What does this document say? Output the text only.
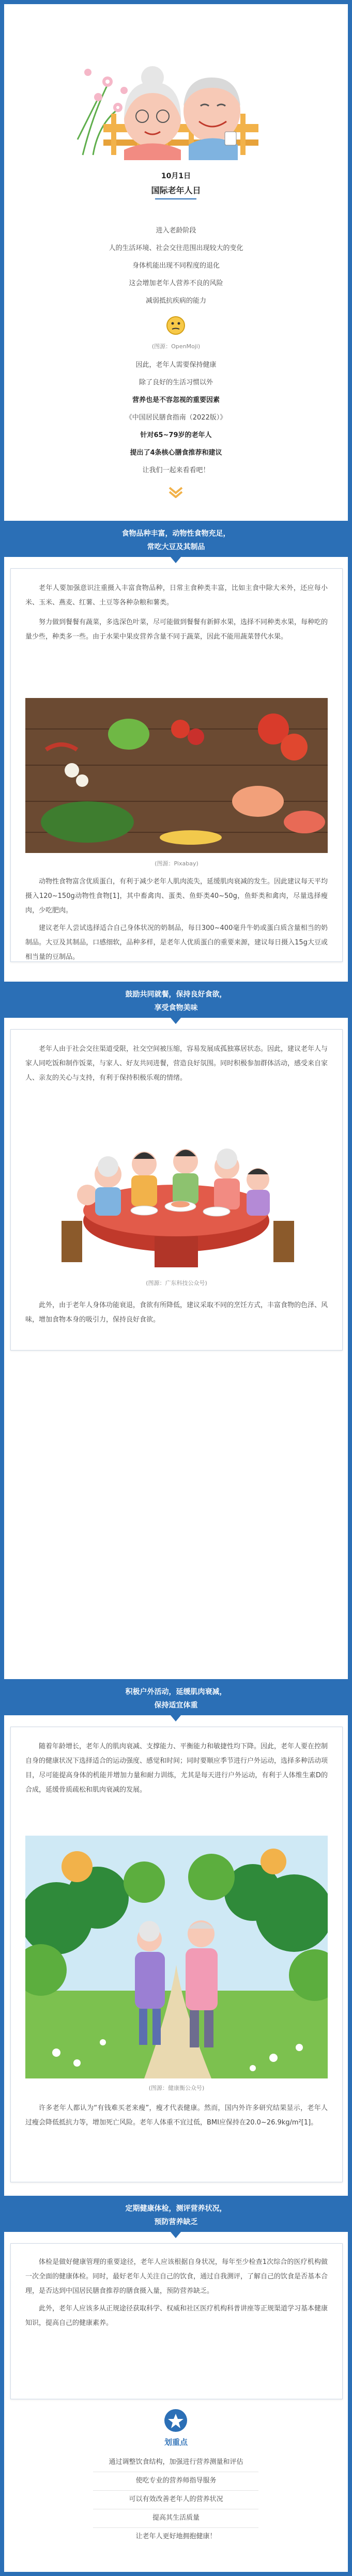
10月1日
国际老年人日

进入老龄阶段

人的生活环境、社会交往范围出现较大的变化

身体机能出现不同程度的退化

这会增加老年人营养不良的风险

减弱抵抗疾病的能力

(图源：OpenMoji)

因此，老年人需要保持健康

除了良好的生活习惯以外

营养也是不容忽视的重要因素

《中国居民膳食指南（2022版）》

针对65~79岁的老年人

提出了4条核心膳食推荐和建议

让我们一起来看看吧！

食物品种丰富，动物性食物充足，
常吃大豆及其制品

老年人要加强意识注重摄入丰富食物品种，日常主食种类丰富，比如主食中除大米外，还应每小米、玉米、燕麦、红薯、土豆等各种杂粮和薯类。

努力做到餐餐有蔬菜，多选深色叶菜，尽可能做到餐餐有新鲜水果，选择不同种类水果，每种吃的量少些，种类多一些。由于水果中果皮营养含量不同于蔬菜，因此不能用蔬菜替代水果。

(图源：Pixabay)

动物性食物富含优质蛋白，有利于减少老年人肌肉流失，延缓肌肉衰减的发生。因此建议每天平均摄入120~150g动物性食物[1]，其中畜禽肉、蛋类、鱼虾类40~50g，鱼虾类和禽肉，尽量选择瘦肉，少吃肥肉。

建议老年人尝试选择适合自己身体状况的奶制品，每日300~400毫升牛奶或蛋白质含量相当的奶制品。大豆及其制品，口感细软，品种多样，是老年人优质蛋白的重要来源，建议每日摄入15g大豆或相当量的豆制品。

鼓励共同就餐，保持良好食欲，
享受食物美味

老年人由于社会交往渠道受限，社交空间被压缩，容易发展成孤独寡居状态。因此，建议老年人与家人同吃饭和制作饭菜，与家人、好友共同进餐，营造良好氛围。同时积极参加群体活动，感受来自家人、亲友的关心与支持，有利于保持积极乐观的情绪。

(图源：广东科技公众号)

此外，由于老年人身体功能衰退，食欲有所降低，建议采取不同的烹饪方式，丰富食物的色泽、风味，增加食物本身的吸引力，保持良好食欲。

积极户外活动，延缓肌肉衰减，
保持适宜体重

随着年龄增长，老年人的肌肉衰减、支撑能力、平衡能力和敏捷性均下降。因此，老年人要在控制自身的健康状况下选择适合的运动强度、感觉和时间；同时要顺应季节进行户外运动，选择多种活动项目，尽可能提高身体的机能并增加力量和耐力训练，尤其是每天进行户外运动，有利于人体维生素D的合成，延缓骨质疏松和肌肉衰减的发展。

(图源：健康衡公众号)

许多老年人都认为“有钱难买老来瘦”，瘦才代表健康。然而，国内外许多研究结果显示，老年人过瘦会降低抵抗力等，增加死亡风险。老年人体重不宜过低，BMI应保持在20.0~26.9kg/m²[1]。

定期健康体检，测评营养状况，
预防营养缺乏

体检是做好健康管理的重要途径，老年人应该根据自身状况，每年至少检查1次综合的医疗机构做一次全面的健康体检。同时，最好老年人关注自己的饮食，通过自我测评，了解自己的饮食是否基本合理，是否达到中国居民膳食推荐的膳食摄入量，预防营养缺乏。

此外，老年人应该多从正规途径获取科学、权威和社区医疗机构科普讲座等正规渠道学习基本健康知识，提高自己的健康素养。

划重点

通过调整饮食结构，加强进行营养测量和评估

使吃专业的营养师指导服务

可以有效改善老年人的营养状况

提高其生活质量

让老年人更好地拥抱健康！
